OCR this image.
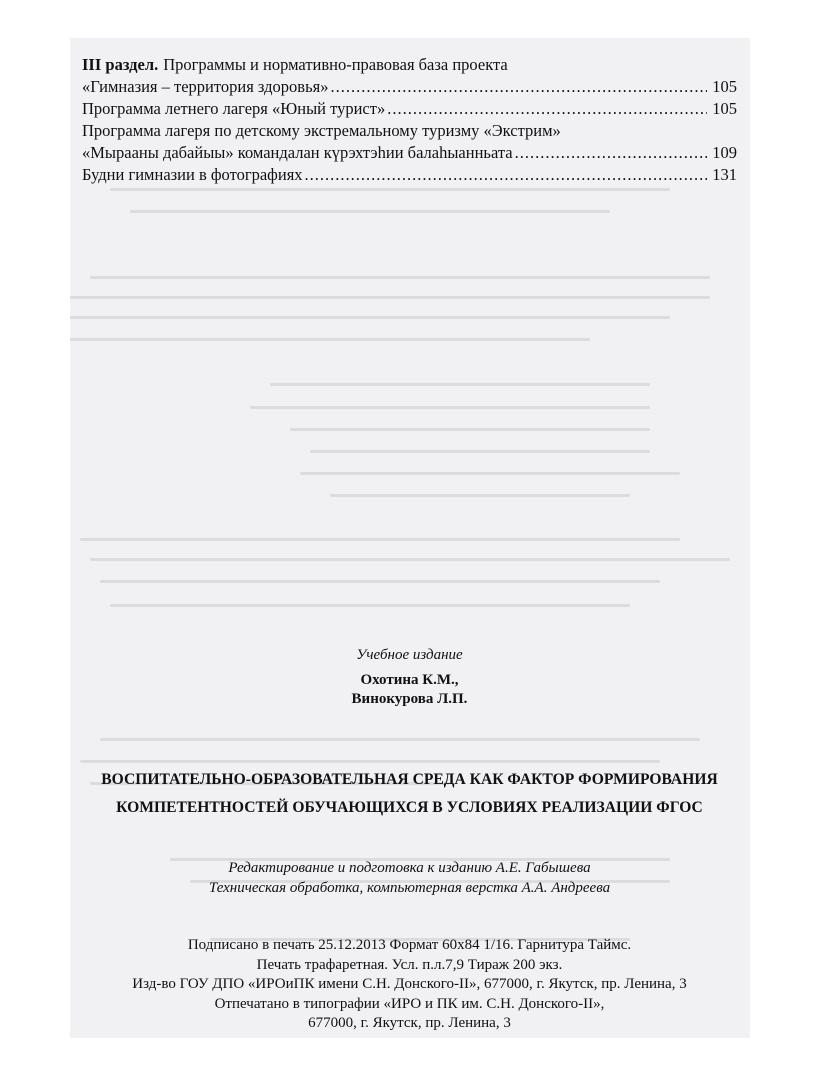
III раздел. Программы и нормативно-правовая база проекта
«Гимназия – территория здоровья» .....	105
Программа летнего лагеря «Юный турист» .....	105
Программа лагеря по детскому экстремальному туризму «Экстрим»
«Мырааны дабайыы» командалан күрэхтэһии балаһыанньата .....	109
Будни гимназии в фотографиях .....	131
Учебное издание
Охотина К.М.,
Винокурова Л.П.
ВОСПИТАТЕЛЬНО-ОБРАЗОВАТЕЛЬНАЯ СРЕДА КАК ФАКТОР ФОРМИРОВАНИЯ
КОМПЕТЕНТНОСТЕЙ ОБУЧАЮЩИХСЯ В УСЛОВИЯХ РЕАЛИЗАЦИИ ФГОС
Редактирование и подготовка к изданию А.Е. Габышева
Техническая обработка, компьютерная верстка А.А. Андреева
Подписано в печать 25.12.2013 Формат 60х84 1/16. Гарнитура Таймс.
Печать трафаретная. Усл. п.л.7,9 Тираж 200 экз.
Изд-во ГОУ ДПО «ИРОиПК имени С.Н. Донского-II», 677000, г. Якутск, пр. Ленина, 3
Отпечатано в типографии «ИРО и ПК им. С.Н. Донского-II»,
677000, г. Якутск, пр. Ленина, 3
